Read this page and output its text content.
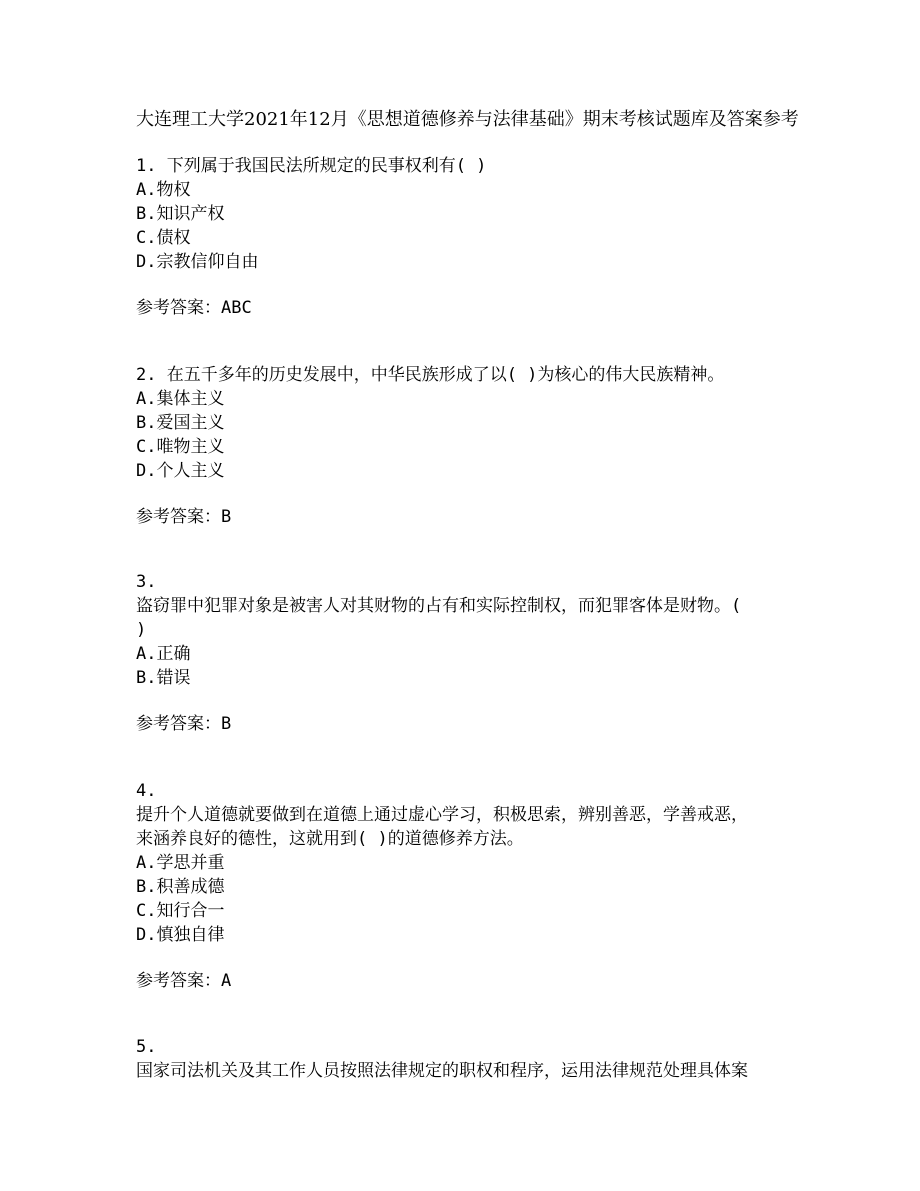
大连理工大学2021年12月《思想道德修养与法律基础》期末考核试题库及答案参考
1. 下列属于我国民法所规定的民事权利有( )
A.物权
B.知识产权
C.债权
D.宗教信仰自由
参考答案：ABC
2. 在五千多年的历史发展中，中华民族形成了以( )为核心的伟大民族精神。
A.集体主义
B.爱国主义
C.唯物主义
D.个人主义
参考答案：B
3.
盗窃罪中犯罪对象是被害人对其财物的占有和实际控制权，而犯罪客体是财物。(
)
A.正确
B.错误
参考答案：B
4.
提升个人道德就要做到在道德上通过虚心学习，积极思索，辨别善恶，学善戒恶，
来涵养良好的德性，这就用到( )的道德修养方法。
A.学思并重
B.积善成德
C.知行合一
D.慎独自律
参考答案：A
5.
国家司法机关及其工作人员按照法律规定的职权和程序，运用法律规范处理具体案
